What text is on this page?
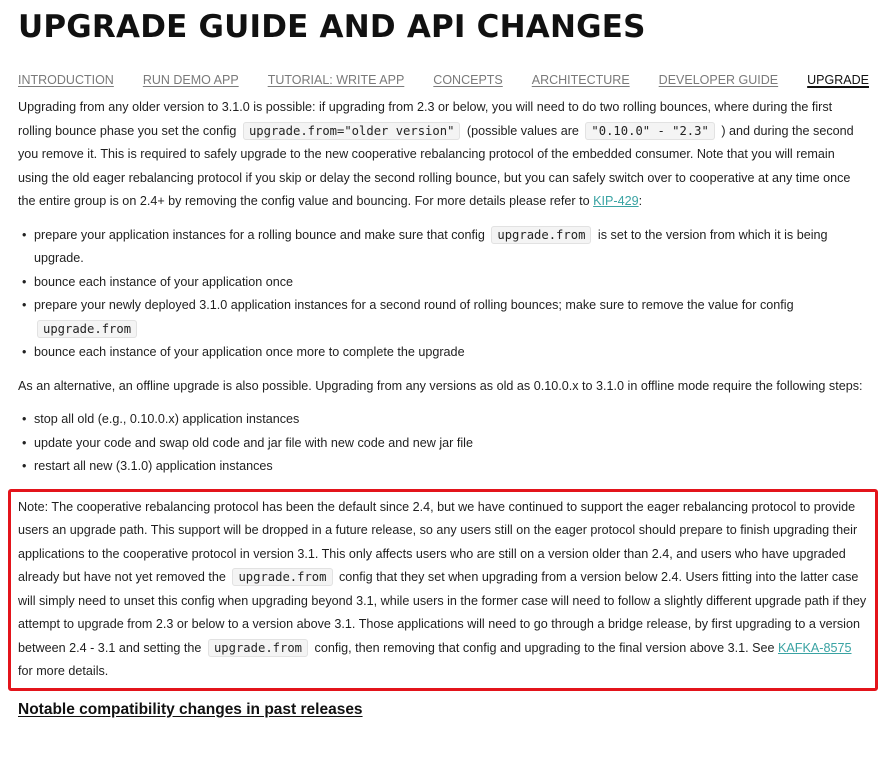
UPGRADE GUIDE AND API CHANGES
INTRODUCTION RUN DEMO APP TUTORIAL: WRITE APP CONCEPTS ARCHITECTURE DEVELOPER GUIDE UPGRADE

Upgrading from any older version to 3.1.0 is possible: if upgrading from 2.3 or below, you will need to do two rolling bounces, where during the first rolling bounce phase you set the config upgrade.from="older version" (possible values are "0.10.0" - "2.3" ) and during the second you remove it. This is required to safely upgrade to the new cooperative rebalancing protocol of the embedded consumer. Note that you will remain using the old eager rebalancing protocol if you skip or delay the second rolling bounce, but you can safely switch over to cooperative at any time once the entire group is on 2.4+ by removing the config value and bouncing. For more details please refer to KIP-429:

• prepare your application instances for a rolling bounce and make sure that config upgrade.from is set to the version from which it is being upgrade.
• bounce each instance of your application once
• prepare your newly deployed 3.1.0 application instances for a second round of rolling bounces; make sure to remove the value for config upgrade.from
• bounce each instance of your application once more to complete the upgrade

As an alternative, an offline upgrade is also possible. Upgrading from any versions as old as 0.10.0.x to 3.1.0 in offline mode require the following steps:

• stop all old (e.g., 0.10.0.x) application instances
• update your code and swap old code and jar file with new code and new jar file
• restart all new (3.1.0) application instances

Note: The cooperative rebalancing protocol has been the default since 2.4, but we have continued to support the eager rebalancing protocol to provide users an upgrade path. This support will be dropped in a future release, so any users still on the eager protocol should prepare to finish upgrading their applications to the cooperative protocol in version 3.1. This only affects users who are still on a version older than 2.4, and users who have upgraded already but have not yet removed the upgrade.from config that they set when upgrading from a version below 2.4. Users fitting into the latter case will simply need to unset this config when upgrading beyond 3.1, while users in the former case will need to follow a slightly different upgrade path if they attempt to upgrade from 2.3 or below to a version above 3.1. Those applications will need to go through a bridge release, by first upgrading to a version between 2.4 - 3.1 and setting the upgrade.from config, then removing that config and upgrading to the final version above 3.1. See KAFKA-8575 for more details.

Notable compatibility changes in past releases
